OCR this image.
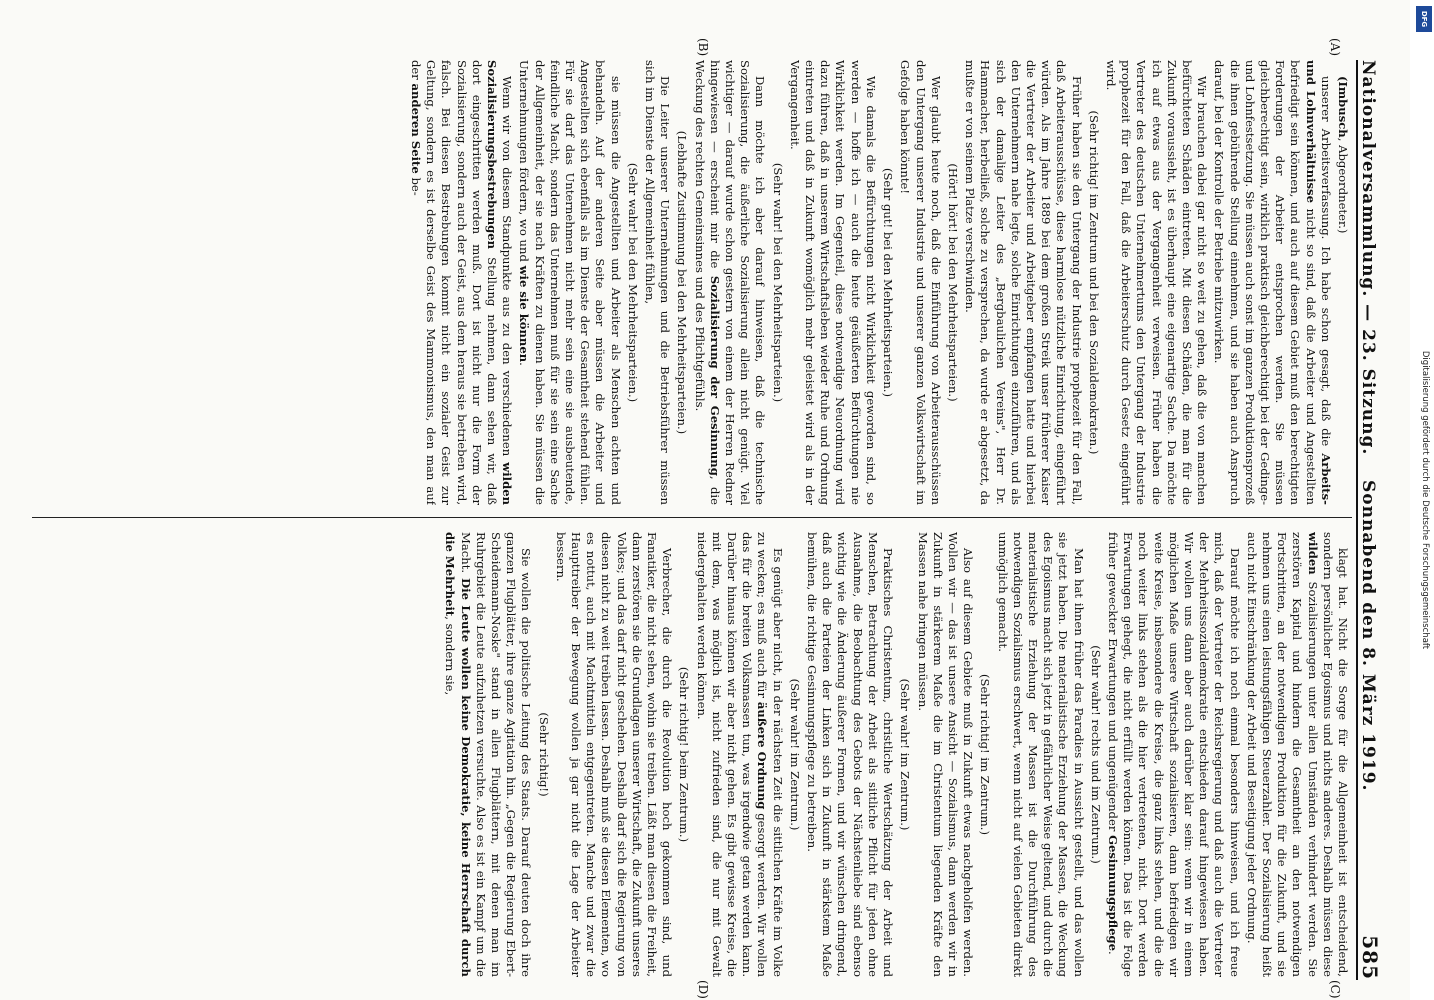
Nationalversammlung. — 23. Sitzung.
Sonnabend den 8. März 1919.
585
(A)
(B)
(C)
(D)

(Imbusch, Abgeordneter.)

unserer Arbeitsverfassung. Ich habe schon gesagt, daß die Arbeits- und Lohnverhältnisse nicht so sind, daß die Arbeiter und Angestellten befriedigt sein können, und auch auf diesem Gebiet muß den berechtigten Forderungen der Arbeiter entsprochen werden. Sie müssen gleichberechtigt sein, wirklich praktisch gleichberechtigt bei der Gedinge- und Lohnfestsetzung. Sie müssen auch sonst im ganzen Produktionsprozeß die ihnen gebührende Stellung einnehmen, und sie haben auch Anspruch darauf, bei der Kontrolle der Betriebe mitzuwirken.

Wir brauchen dabei gar nicht so weit zu gehen, daß die von manchen befürchteten Schäden eintreten. Mit diesen Schäden, die man für die Zukunft voraussieht, ist es überhaupt eine eigenartige Sache. Da möchte ich auf etwas aus der Vergangenheit verweisen. Früher haben die Vertreter des deutschen Unternehmertums den Untergang der Industrie prophezeit für den Fall, daß die Arbeiterschutz durch Gesetz eingeführt wird.

(Sehr richtig! im Zentrum und bei den Sozialdemokraten.)

Früher haben sie den Untergang der Industrie prophezeit für den Fall, daß Arbeiterausschüsse, diese harmlose nützliche Einrichtung, eingeführt würden. Als im Jahre 1889 bei dem großen Streik unser früherer Kaiser die Vertreter der Arbeiter und Arbeitgeber empfangen hatte und hierbei den Unternehmern nahe legte, solche Einrichtungen einzuführen, und als sich der damalige Leiter des „Bergbaulichen Vereins", Herr Dr. Hammacher, herbeiließ, solche zu versprechen, da wurde er abgesetzt, da mußte er von seinem Platze verschwinden.

(Hört! hört! bei den Mehrheitsparteien.)

Wer glaubt heute noch, daß die Einführung von Arbeiterausschüssen den Untergang unserer Industrie und unserer ganzen Volkswirtschaft im Gefolge haben könnte!

(Sehr gut! bei den Mehrheitsparteien.)

Wie damals die Befürchtungen nicht Wirklichkeit geworden sind, so werden — hoffe ich — auch die heute geäußerten Befürchtungen nie Wirklichkeit werden. Im Gegenteil, diese notwendige Neuordnung wird dazu führen, daß in unserem Wirtschaftsleben wieder Ruhe und Ordnung eintreten und daß in Zukunft womöglich mehr geleistet wird als in der Vergangenheit.

(Sehr wahr! bei den Mehrheitsparteien.)

Dann möchte ich aber darauf hinweisen, daß die technische Sozialisierung, die äußerliche Sozialisierung allein nicht genügt. Viel wichtiger — darauf wurde schon gestern von einem der Herren Redner hingewiesen — erscheint mir die Sozialisierung der Gesinnung, die Weckung des rechten Gemeinsinnes und des Pflichtgefühls.

(Lebhafte Zustimmung bei den Mehrheitsparteien.)

Die Leiter unserer Unternehmungen und die Betriebsführer müssen sich im Dienste der Allgemeinheit fühlen,

(Sehr wahr! bei den Mehrheitsparteien.)

sie müssen die Angestellten und Arbeiter als Menschen achten und behandeln. Auf der anderen Seite aber müssen die Arbeiter und Angestellten sich ebenfalls als im Dienste der Gesamtheit stehend fühlen. Für sie darf das Unternehmen nicht mehr sein eine sie ausbeutende, feindliche Macht, sondern das Unternehmen muß für sie sein eine Sache der Allgemeinheit, der sie nach Kräften zu dienen haben. Sie müssen die Unternehmungen fördern, wo und wie sie können.

Wenn wir von diesem Standpunkte aus zu den verschiedenen wilden Sozialisierungsbestrebungen Stellung nehmen, dann sehen wir, daß dort eingeschritten werden muß. Dort ist nicht nur die Form der Sozialisierung, sondern auch der Geist, aus dem heraus sie betrieben wird, falsch. Bei diesen Bestrebungen kommt nicht ein sozialer Geist zur Geltung, sondern es ist derselbe Geist des Mammonismus, den man auf der anderen Seite be-

klagt hat. Nicht die Sorge für die Allgemeinheit ist entscheidend, sondern persönlicher Egoismus und nichts anderes. Deshalb müssen diese wilden Sozialisierungen unter allen Umständen verhindert werden. Sie zerstören Kapital und hindern die Gesamtheit an den notwendigen Fortschritten, an der notwendigen Produktion für die Zukunft, und sie nehmen uns einen leistungsfähigen Steuerzahler. Der Sozialisierung heißt auch nicht Einschränkung der Arbeit und Beseitigung jeder Ordnung.

Darauf möchte ich noch einmal besonders hinweisen, und ich freue mich, daß der Vertreter der Reichsregierung und daß auch die Vertreter der Mehrheitssozialdemokratie entschieden darauf hingewiesen haben. Wir wollen uns dann aber auch darüber klar sein: wenn wir in einem möglichen Maße unsere Wirtschaft sozialisieren, dann befriedigen wir weite Kreise, insbesondere die Kreise, die ganz links stehen, und die die noch weiter links stehen als die hier vertretenen, nicht. Dort werden Erwartungen gehegt, die nicht erfüllt werden können. Das ist die Folge früher geweckter Erwartungen und ungenügender Gesinnungspflege.

(Sehr wahr! rechts und im Zentrum.)

Man hat ihnen früher das Paradies in Aussicht gestellt, und das wollen sie jetzt haben. Die materialistische Erziehung der Massen, die Weckung des Egoismus macht sich jetzt in gefährlicher Weise geltend, und durch die materialistische Erziehung der Massen ist die Durchführung des notwendigen Sozialismus erschwert, wenn nicht auf vielen Gebieten direkt unmöglich gemacht.

(Sehr richtig! im Zentrum.)

Also auf diesem Gebiete muß in Zukunft etwas nachgeholfen werden. Wollen wir — das ist unsere Ansicht — Sozialismus, dann werden wir in Zukunft in stärkerem Maße die im Christentum liegenden Kräfte den Massen nahe bringen müssen.

(Sehr wahr! im Zentrum.)

Praktisches Christentum, christliche Wertschätzung der Arbeit und Menschen, Betrachtung der Arbeit als sittliche Pflicht für jeden ohne Ausnahme, die Beobachtung des Gebots der Nächstenliebe sind ebenso wichtig wie die Änderung äußerer Formen, und wir wünschen dringend, daß auch die Parteien der Linken sich in Zukunft in stärkstem Maße bemühen, die richtige Gesinnungspflege zu betreiben.

(Sehr wahr! im Zentrum.)

Es genügt aber nicht, in der nächsten Zeit die sittlichen Kräfte im Volke zu wecken; es muß auch für äußere Ordnung gesorgt werden. Wir wollen das für die breiten Volksmassen tun, was irgendwie getan werden kann. Darüber hinaus können wir aber nicht gehen. Es gibt gewisse Kreise, die mit dem, was möglich ist, nicht zufrieden sind, die nur mit Gewalt niedergehalten werden können.

(Sehr richtig! beim Zentrum.)

Verbrecher, die durch die Revolution hoch gekommen sind, und Fanatiker, die nicht sehen, wohin sie treiben. Läßt man diesen die Freiheit, dann zerstören sie die Grundlagen unserer Wirtschaft, die Zukunft unseres Volkes; und das darf nicht geschehen. Deshalb darf sich die Regierung von diesen nicht zu weit treiben lassen. Deshalb muß sie diesen Elementen, wo es nottut, auch mit Machtmitteln entgegentreten. Manche und zwar die Haupttreiber der Bewegung wollen ja gar nicht die Lage der Arbeiter bessern.

(Sehr richtig!)

Sie wollen die politische Leitung des Staats. Darauf deuten doch ihre ganzen Flugblätter, ihre ganze Agitation hin. „Gegen die Regierung Ebert-Scheidemann-Noske" stand in allen Flugblättern, mit denen man im Ruhrgebiet die Leute aufzuhetzen versuchte. Also es ist ein Kampf um die Macht. Die Leute wollen keine Demokratie, keine Herrschaft durch die Mehrheit, sondern sie,

DFG
Digitalisierung gefördert durch die Deutsche Forschungsgemeinschaft
